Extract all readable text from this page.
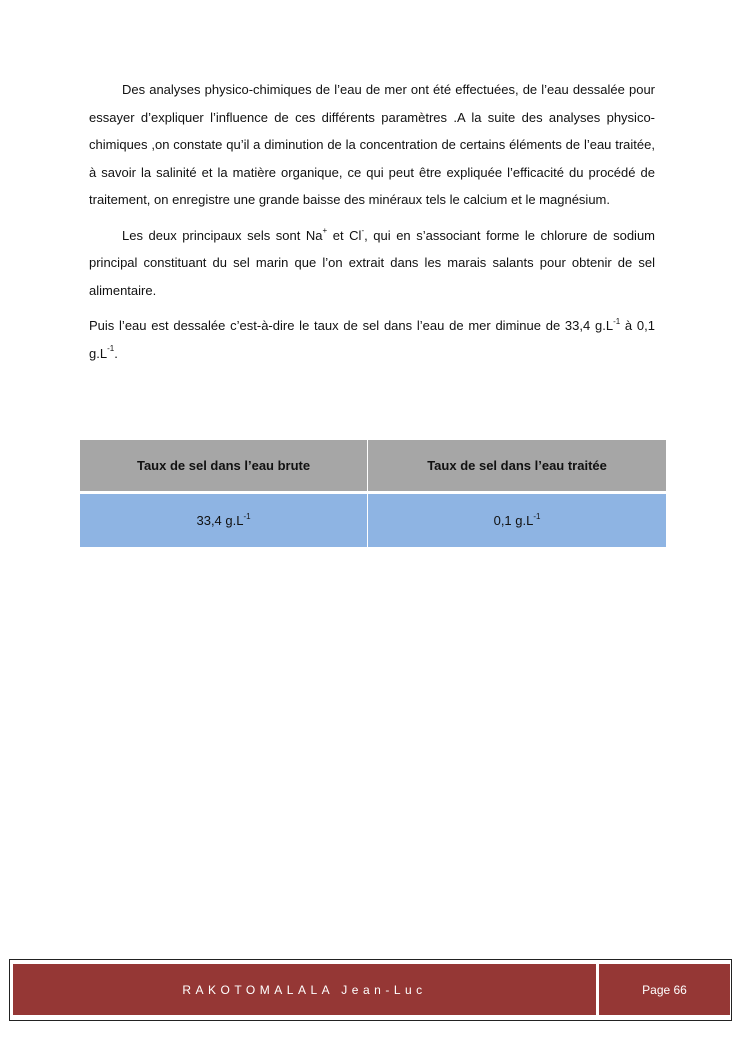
Des analyses physico-chimiques de l’eau de mer ont été effectuées, de l’eau dessalée pour essayer d’expliquer l’influence de ces différents paramètres .A la suite des analyses physico-chimiques ,on constate qu’il a diminution de la concentration de certains éléments de l’eau traitée, à savoir la salinité et la matière organique, ce qui peut être expliquée l’efficacité du procédé de traitement, on enregistre une grande baisse des minéraux tels le calcium et le magnésium.

Les deux principaux sels sont Na+ et Cl-, qui en s’associant forme le chlorure de sodium principal constituant du sel marin que l’on extrait dans les marais salants pour obtenir de sel alimentaire.

Puis l’eau est dessalée c’est-à-dire le taux de sel dans l’eau de mer diminue de 33,4 $g.L^{-1}$ à 0,1 $g.L^{-1}$.

Taux de sel dans l’eau brute	Taux de sel dans l’eau traitée
33,4 $g.L^{-1}$	0,1 $g.L^{-1}$
RAKOTOMALALA Jean-Luc	Page 66
